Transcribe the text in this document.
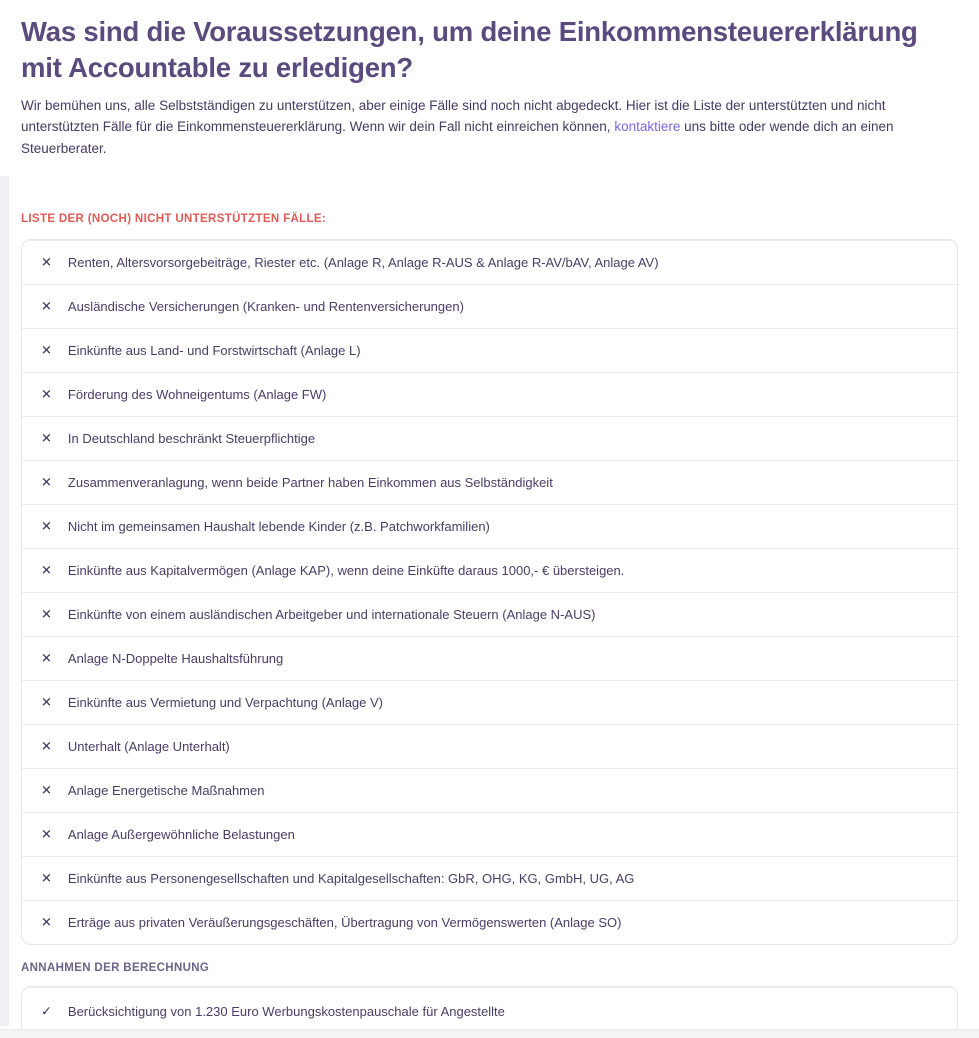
Was sind die Voraussetzungen, um deine Einkommensteuererklärung mit Accountable zu erledigen?

Wir bemühen uns, alle Selbstständigen zu unterstützen, aber einige Fälle sind noch nicht abgedeckt. Hier ist die Liste der unterstützten und nicht unterstützten Fälle für die Einkommensteuererklärung. Wenn wir dein Fall nicht einreichen können, kontaktiere uns bitte oder wende dich an einen Steuerberater.

LISTE DER (NOCH) NICHT UNTERSTÜTZTEN FÄLLE:
✕ Renten, Altersvorsorgebeiträge, Riester etc. (Anlage R, Anlage R-AUS & Anlage R-AV/bAV, Anlage AV)
✕ Ausländische Versicherungen (Kranken- und Rentenversicherungen)
✕ Einkünfte aus Land- und Forstwirtschaft (Anlage L)
✕ Förderung des Wohneigentums (Anlage FW)
✕ In Deutschland beschränkt Steuerpflichtige
✕ Zusammenveranlagung, wenn beide Partner haben Einkommen aus Selbständigkeit
✕ Nicht im gemeinsamen Haushalt lebende Kinder (z.B. Patchworkfamilien)
✕ Einkünfte aus Kapitalvermögen (Anlage KAP), wenn deine Einküfte daraus 1000,- € übersteigen.
✕ Einkünfte von einem ausländischen Arbeitgeber und internationale Steuern (Anlage N-AUS)
✕ Anlage N-Doppelte Haushaltsführung
✕ Einkünfte aus Vermietung und Verpachtung (Anlage V)
✕ Unterhalt (Anlage Unterhalt)
✕ Anlage Energetische Maßnahmen
✕ Anlage Außergewöhnliche Belastungen
✕ Einkünfte aus Personengesellschaften und Kapitalgesellschaften: GbR, OHG, KG, GmbH, UG, AG
✕ Erträge aus privaten Veräußerungsgeschäften, Übertragung von Vermögenswerten (Anlage SO)
ANNAHMEN DER BERECHNUNG
✓ Berücksichtigung von 1.230 Euro Werbungskostenpauschale für Angestellte
